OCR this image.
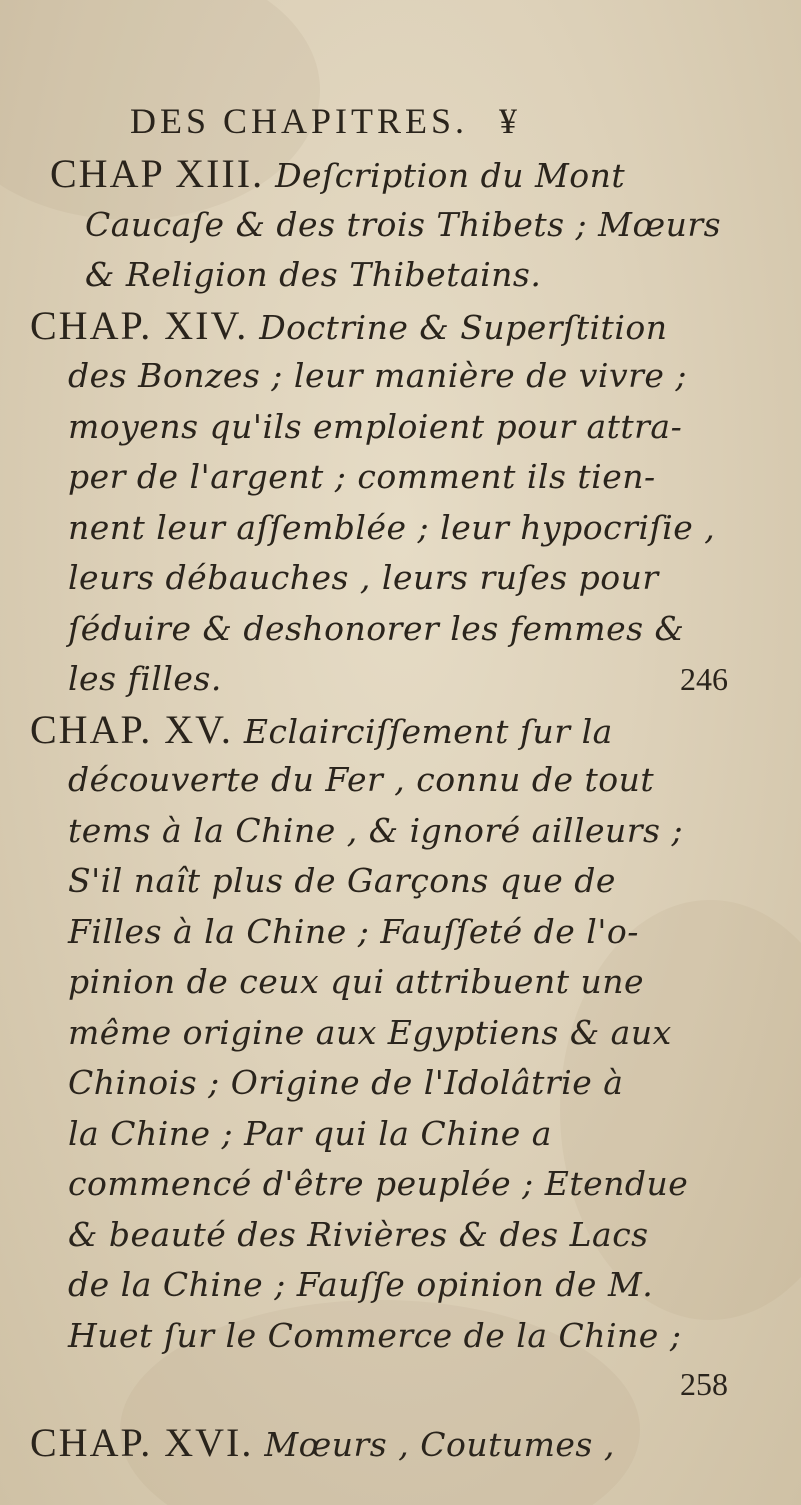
DES CHAPITRES. ¥
CHAP XIII. Deſcription du Mont
Caucaſe & des trois Thibets ; Mœurs
& Religion des Thibetains.
CHAP. XIV. Doctrine & Superſtition
des Bonzes ; leur manière de vivre ;
moyens qu'ils emploient pour attra-
per de l'argent ; comment ils tien-
nent leur aſſemblée ; leur hypocriſie ,
leurs débauches , leurs ruſes pour
ſéduire & deshonorer les femmes &
les filles.	246
CHAP. XV. Eclairciſſement ſur la
découverte du Fer , connu de tout
tems à la Chine , & ignoré ailleurs ;
S'il naît plus de Garçons que de
Filles à la Chine ; Fauſſeté de l'o-
pinion de ceux qui attribuent une
même origine aux Egyptiens & aux
Chinois ; Origine de l'Idolâtrie à
la Chine ; Par qui la Chine a
commencé d'être peuplée ; Etendue
& beauté des Rivières & des Lacs
de la Chine ; Fauſſe opinion de M.
Huet ſur le Commerce de la Chine ;
258
CHAP. XVI. Mœurs , Coutumes ,
